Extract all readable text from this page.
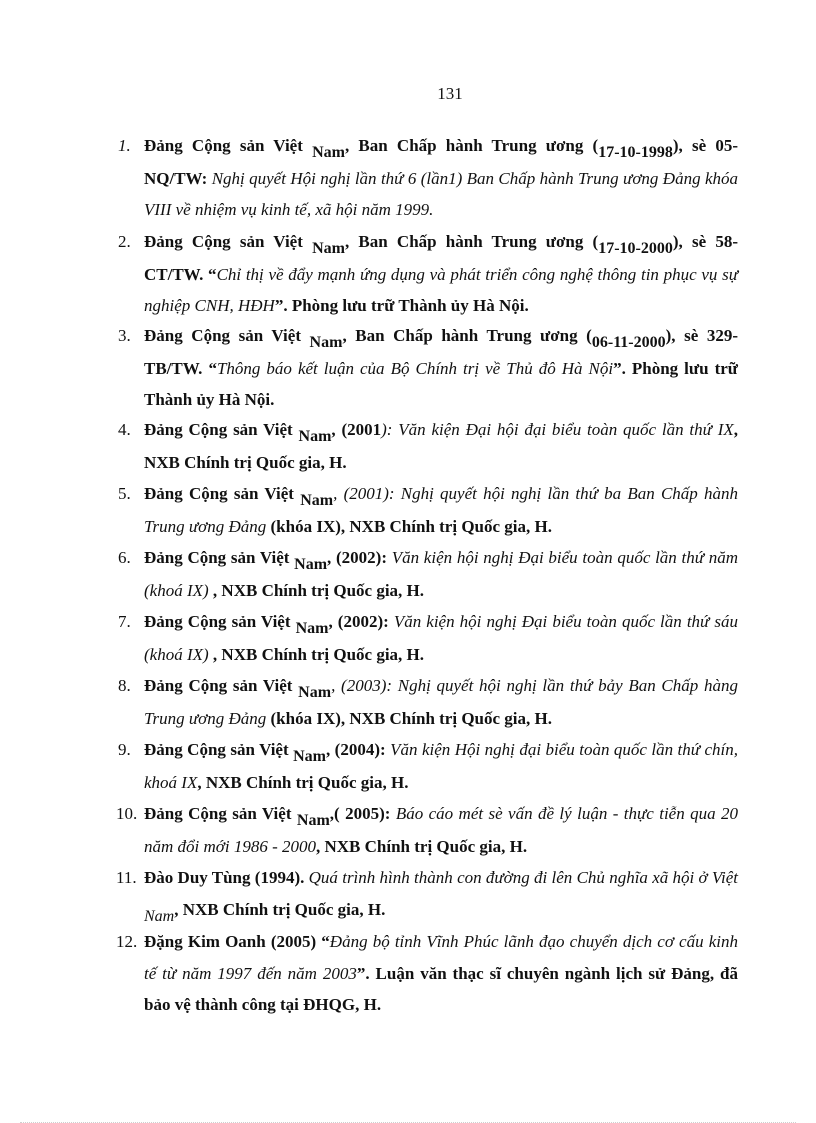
131
1. Đảng Cộng sản Việt Nam, Ban Chấp hành Trung ương (17-10-1998), sè 05-NQ/TW: Nghị quyết Hội nghị lần thứ 6 (lần1) Ban Chấp hành Trung ương Đảng khóa VIII về nhiệm vụ kinh tế, xã hội năm 1999.
2. Đảng Cộng sản Việt Nam, Ban Chấp hành Trung ương (17-10-2000), sè 58-CT/TW. “Chỉ thị về đẩy mạnh ứng dụng và phát triển công nghệ thông tin phục vụ sự nghiệp CNH, HĐH”. Phòng lưu trữ Thành ủy Hà Nội.
3. Đảng Cộng sản Việt Nam, Ban Chấp hành Trung ương (06-11-2000), sè 329-TB/TW. “Thông báo kết luận của Bộ Chính trị về Thủ đô Hà Nội”. Phòng lưu trữ Thành ủy Hà Nội.
4. Đảng Cộng sản Việt Nam, (2001): Văn kiện Đại hội đại biểu toàn quốc lần thứ IX, NXB Chính trị Quốc gia, H.
5. Đảng Cộng sản Việt Nam, (2001): Nghị quyết hội nghị lần thứ ba Ban Chấp hành Trung ương Đảng (khóa IX), NXB Chính trị Quốc gia, H.
6. Đảng Cộng sản Việt Nam, (2002): Văn kiện hội nghị Đại biểu toàn quốc lần thứ năm (khoá IX) , NXB Chính trị Quốc gia, H.
7. Đảng Cộng sản Việt Nam, (2002): Văn kiện hội nghị Đại biểu toàn quốc lần thứ sáu (khoá IX) , NXB Chính trị Quốc gia, H.
8. Đảng Cộng sản Việt Nam, (2003): Nghị quyết hội nghị lần thứ bảy Ban Chấp hàng Trung ương Đảng (khóa IX), NXB Chính trị Quốc gia, H.
9. Đảng Cộng sản Việt Nam, (2004): Văn kiện Hội nghị đại biểu toàn quốc lần thứ chín, khoá IX, NXB Chính trị Quốc gia, H.
10. Đảng Cộng sản Việt Nam,( 2005): Báo cáo mét sè vấn đề lý luận - thực tiễn qua 20 năm đổi mới 1986 - 2000, NXB Chính trị Quốc gia, H.
11. Đào Duy Tùng (1994). Quá trình hình thành con đường đi lên Chủ nghĩa xã hội ở Việt Nam, NXB Chính trị Quốc gia, H.
12. Đặng Kim Oanh (2005) “Đảng bộ tỉnh Vĩnh Phúc lãnh đạo chuyển dịch cơ cấu kinh tế từ năm 1997 đến năm 2003”. Luận văn thạc sĩ chuyên ngành lịch sử Đảng, đã bảo vệ thành công tại ĐHQG, H.
